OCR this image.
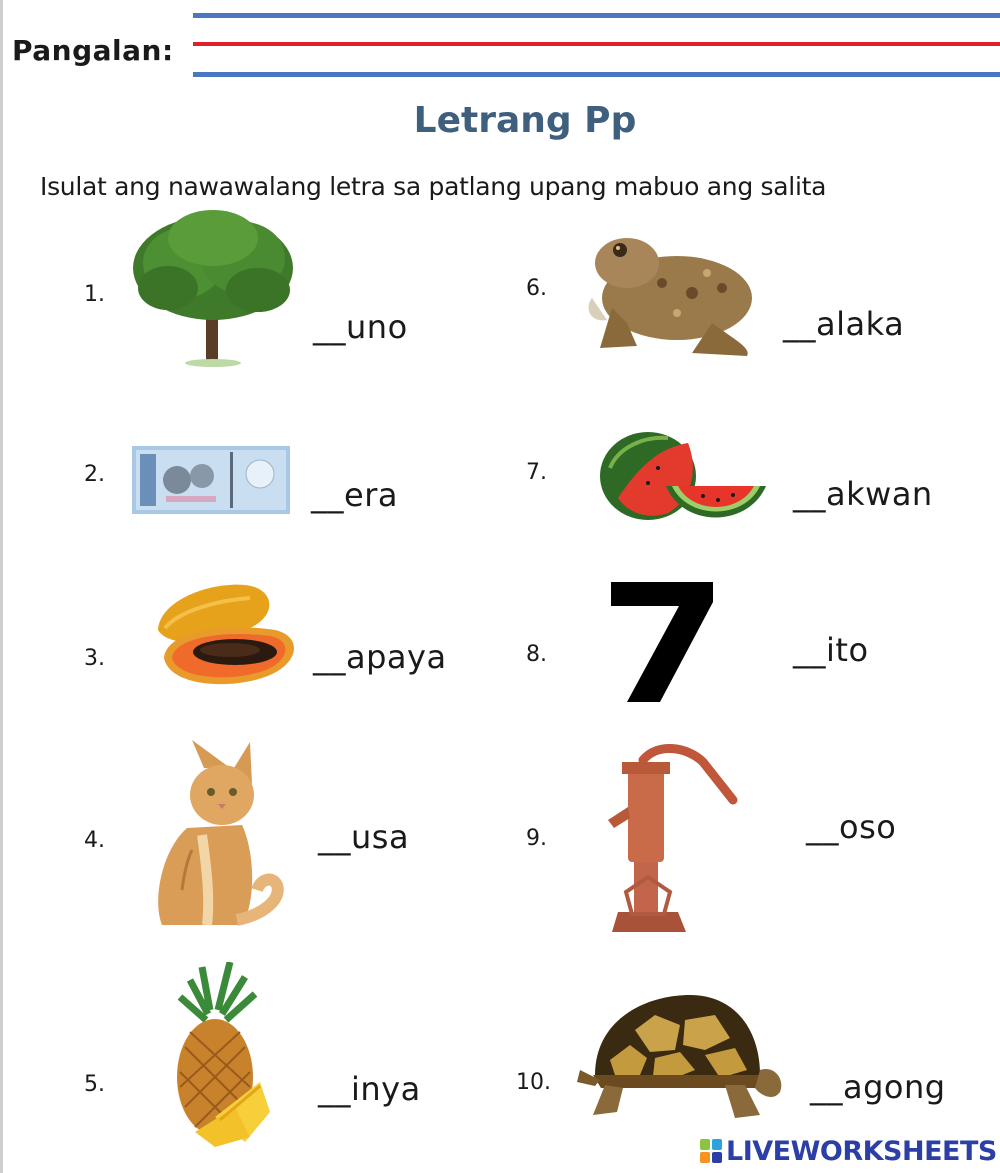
Pangalan:
Letrang Pp
Isulat ang nawawalang letra sa patlang upang mabuo ang salita
1.
__uno
2.
__era
3.	__apaya
4.	__usa
5.	__inya
6.
__alaka
7.
__akwan
8.	__ito
9.	__oso
10.	__agong
LIVEWORKSHEETS
